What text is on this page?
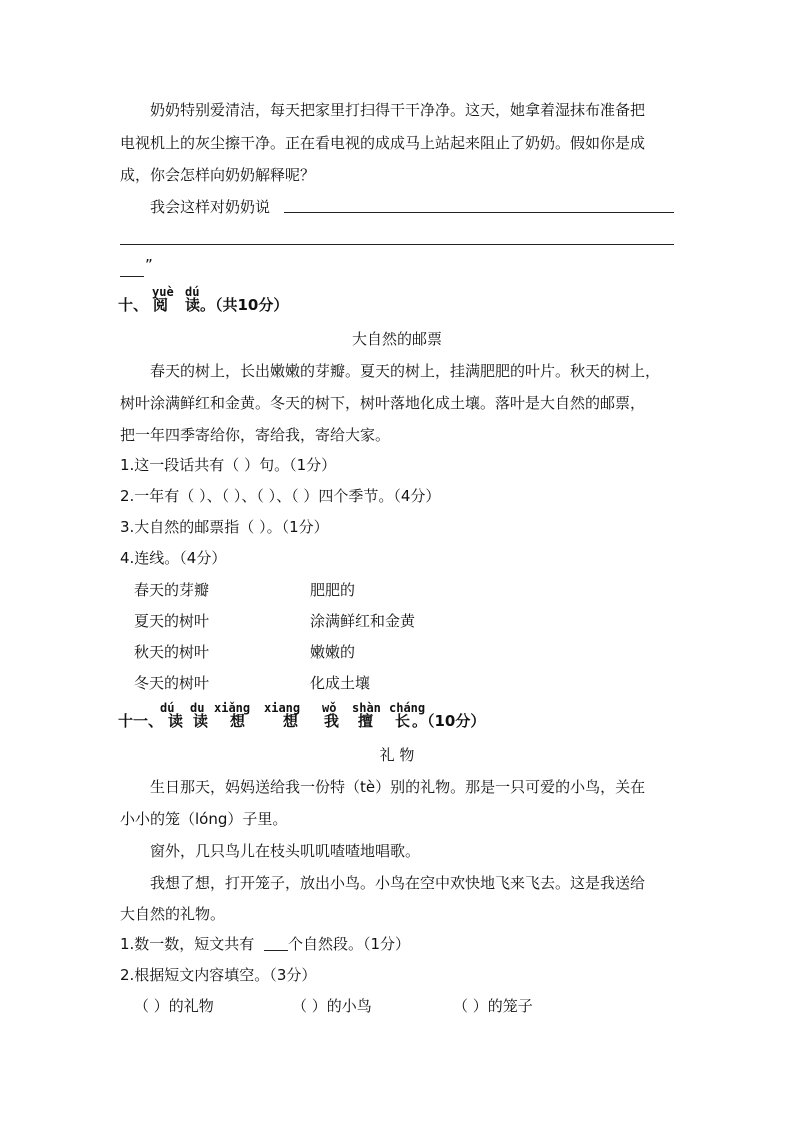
奶奶特别爱清洁，每天把家里打扫得干干净净。这天，她拿着湿抹布准备把
电视机上的灰尘擦干净。正在看电视的成成马上站起来阻止了奶奶。假如你是成
成，你会怎样向奶奶解释呢？
我会这样对奶奶说
”
yuè dú
十、 阅 读 。（共10分）
大自然的邮票
春天的树上，长出嫩嫩的芽瓣。夏天的树上，挂满肥肥的叶片。秋天的树上，
树叶涂满鲜红和金黄。冬天的树下，树叶落地化成土壤。落叶是大自然的邮票，
把一年四季寄给你，寄给我，寄给大家。
1.这一段话共有（ ）句。（1分）
2.一年有（ ）、（ ）、（ ）、（ ）四个季节。（4分）
3.大自然的邮票指（ ）。（1分）
4.连线。（4分）
春天的芽瓣	肥肥的
夏天的树叶	涂满鲜红和金黄
秋天的树叶	嫩嫩的
冬天的树叶	化成土壤
dú du xiǎng xiang wǒ shàn cháng
十一、 读 读 想	想 我 擅 长 。（10分）
礼 物
生日那天，妈妈送给我一份特（tè）别的礼物。那是一只可爱的小鸟，关在
小小的笼（lóng）子里。
窗外，几只鸟儿在枝头叽叽喳喳地唱歌。
我想了想，打开笼子，放出小鸟。小鸟在空中欢快地飞来飞去。这是我送给
大自然的礼物。
1.数一数，短文共有 个自然段。（1分）
2.根据短文内容填空。（3分）
（ ）的礼物	（ ）的小鸟	（ ）的笼子
